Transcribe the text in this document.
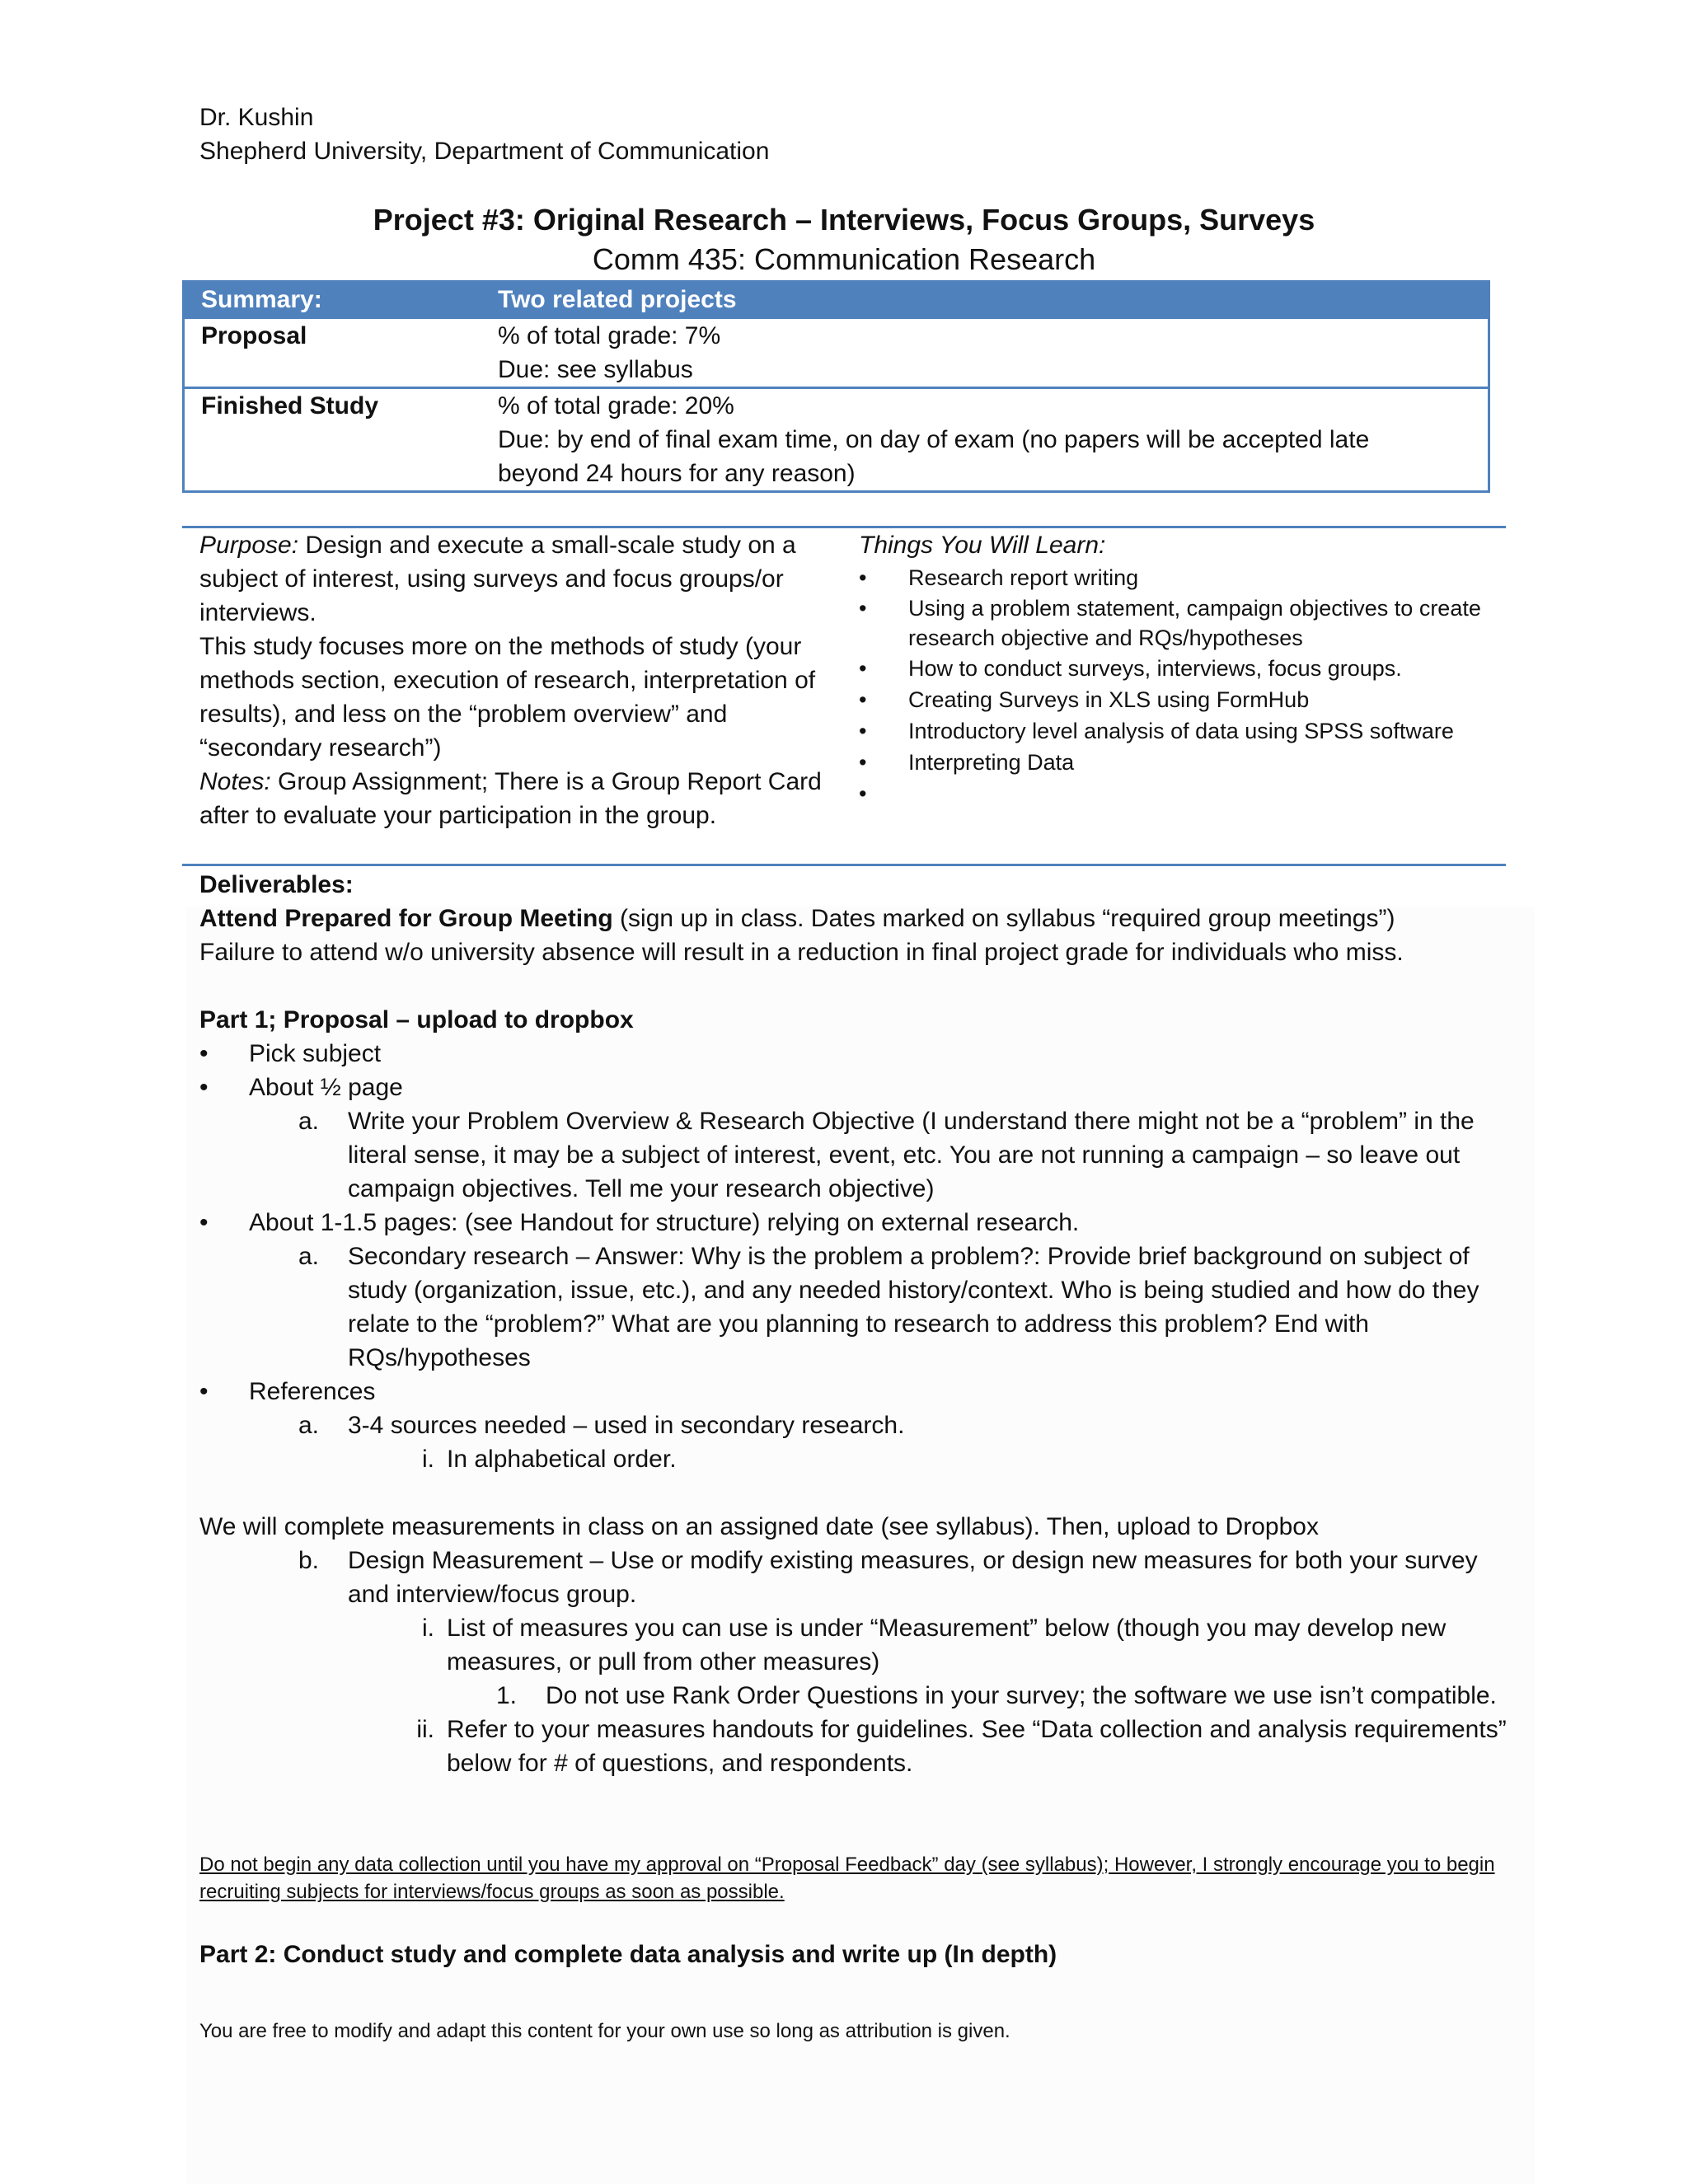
Dr. Kushin
Shepherd University, Department of Communication
Project #3: Original Research – Interviews, Focus Groups, Surveys
Comm 435: Communication Research
Summary:	Two related projects
Proposal	% of total grade: 7%
Due: see syllabus
Finished Study	% of total grade: 20%
Due: by end of final exam time, on day of exam (no papers will be accepted late
beyond 24 hours for any reason)
Purpose: Design and execute a small-scale study on a subject of interest, using surveys and focus groups/or interviews.
This study focuses more on the methods of study (your methods section, execution of research, interpretation of results), and less on the “problem overview” and “secondary research”)
Notes: Group Assignment; There is a Group Report Card after to evaluate your participation in the group.
Things You Will Learn:
• Research report writing
• Using a problem statement, campaign objectives to create research objective and RQs/hypotheses
• How to conduct surveys, interviews, focus groups.
• Creating Surveys in XLS using FormHub
• Introductory level analysis of data using SPSS software
• Interpreting Data
•

Deliverables:

Attend Prepared for Group Meeting (sign up in class. Dates marked on syllabus “required group meetings”)

Failure to attend w/o university absence will result in a reduction in final project grade for individuals who miss.

Part 1; Proposal – upload to dropbox

• Pick subject
• About ½ page
a. Write your Problem Overview & Research Objective (I understand there might not be a “problem” in the literal sense, it may be a subject of interest, event, etc. You are not running a campaign – so leave out campaign objectives. Tell me your research objective)
• About 1-1.5 pages: (see Handout for structure) relying on external research.
a. Secondary research – Answer: Why is the problem a problem?: Provide brief background on subject of study (organization, issue, etc.), and any needed history/context. Who is being studied and how do they relate to the “problem?” What are you planning to research to address this problem? End with RQs/hypotheses
• References
a. 3-4 sources needed – used in secondary research.
i. In alphabetical order.

We will complete measurements in class on an assigned date (see syllabus). Then, upload to Dropbox

b. Design Measurement – Use or modify existing measures, or design new measures for both your survey and interview/focus group.
i. List of measures you can use is under “Measurement” below (though you may develop new measures, or pull from other measures)
1.	Do not use Rank Order Questions in your survey; the software we use isn’t compatible.
ii. Refer to your measures handouts for guidelines. See “Data collection and analysis requirements” below for # of questions, and respondents.
Do not begin any data collection until you have my approval on “Proposal Feedback” day (see syllabus); However, I strongly encourage you to begin recruiting subjects for interviews/focus groups as soon as possible.
Part 2: Conduct study and complete data analysis and write up (In depth)
You are free to modify and adapt this content for your own use so long as attribution is given.
